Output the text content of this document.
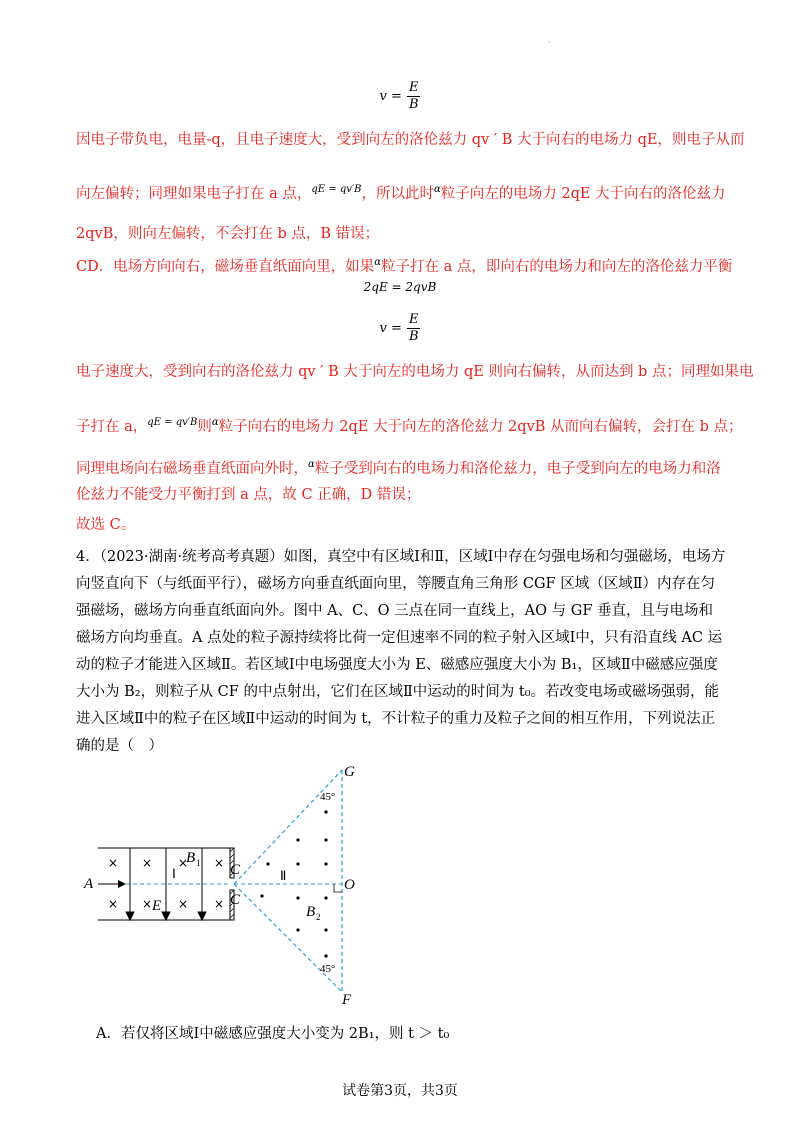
·
$v = \frac{E}{B}$
因电子带负电，电量-q，且电子速度大，受到向左的洛伦兹力 qv ′ B 大于向右的电场力 qE，则电子从而
向左偏转；同理如果电子打在 a 点，$^{qE = qv'B}$，所以此时$^\alpha$粒子向左的电场力 2qE 大于向右的洛伦兹力
2qvB，则向左偏转，不会打在 b 点，B 错误；
CD．电场方向向右，磁场垂直纸面向里，如果$^\alpha$粒子打在 a 点，即向右的电场力和向左的洛伦兹力平衡
2qE = 2qvB
$v = \frac{E}{B}$
电子速度大，受到向右的洛伦兹力 qv ′ B 大于向左的电场力 qE 则向右偏转，从而达到 b 点；同理如果电
子打在 a，$^{qE = qv'B}$则$^\alpha$粒子向右的电场力 2qE 大于向左的洛伦兹力 2qvB 从而向右偏转，会打在 b 点；
同理电场向右磁场垂直纸面向外时，$^\alpha$粒子受到向右的电场力和洛伦兹力，电子受到向左的电场力和洛
伦兹力不能受力平衡打到 a 点，故 C 正确，D 错误；
故选 C。
4．（2023·湖南·统考高考真题）如图，真空中有区域Ⅰ和Ⅱ，区域Ⅰ中存在匀强电场和匀强磁场，电场方向竖直向下（与纸面平行），磁场方向垂直纸面向里，等腰直角三角形 CGF 区域（区域Ⅱ）内存在匀强磁场，磁场方向垂直纸面向外。图中 A、C、O 三点在同一直线上，AO 与 GF 垂直，且与电场和磁场方向均垂直。A 点处的粒子源持续将比荷一定但速率不同的粒子射入区域Ⅰ中，只有沿直线 AC 运动的粒子才能进入区域Ⅱ。若区域Ⅰ中电场强度大小为 E、磁感应强度大小为 B₁，区域Ⅱ中磁感应强度大小为 B₂，则粒子从 CF 的中点射出，它们在区域Ⅱ中运动的时间为 t₀。若改变电场或磁场强弱，能进入区域Ⅱ中的粒子在区域Ⅱ中运动的时间为 t，不计粒子的重力及粒子之间的相互作用，下列说法正确的是（　）
× × × ×
× × × ×
A
C
C
O
G
F
E
B
B
1
2
Ⅰ	Ⅱ
45°
45°
A．若仅将区域Ⅰ中磁感应强度大小变为 2B₁，则 t ＞ t₀
试卷第3页，共3页
